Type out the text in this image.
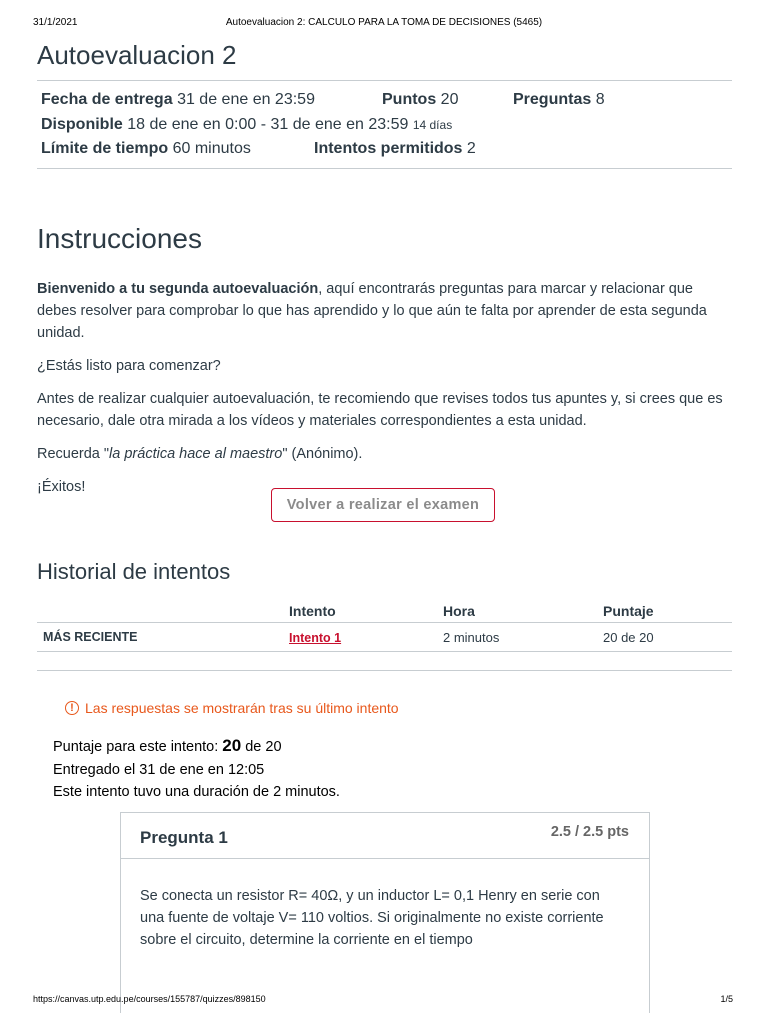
31/1/2021	Autoevaluacion 2: CALCULO PARA LA TOMA DE DECISIONES (5465)
Autoevaluacion 2
Fecha de entrega 31 de ene en 23:59	Puntos 20	Preguntas 8
Disponible 18 de ene en 0:00 - 31 de ene en 23:59 14 días
Límite de tiempo 60 minutos	Intentos permitidos 2
Instrucciones

Bienvenido a tu segunda autoevaluación, aquí encontrarás preguntas para marcar y relacionar que debes resolver para comprobar lo que has aprendido y lo que aún te falta por aprender de esta segunda unidad.

¿Estás listo para comenzar?

Antes de realizar cualquier autoevaluación, te recomiendo que revises todos tus apuntes y, si crees que es necesario, dale otra mirada a los vídeos y materiales correspondientes a esta unidad.

Recuerda "la práctica hace al maestro" (Anónimo).

¡Éxitos!

Volver a realizar el examen
Historial de intentos
	Intento	Hora	Puntaje
MÁS RECIENTE	Intento 1	2 minutos	20 de 20
! Las respuestas se mostrarán tras su último intento
Puntaje para este intento: 20 de 20
Entregado el 31 de ene en 12:05
Este intento tuvo una duración de 2 minutos.
Pregunta 1	2.5 / 2.5 pts
Se conecta un resistor R= 40Ω, y un inductor L= 0,1 Henry en serie con una fuente de voltaje V= 110 voltios. Si originalmente no existe corriente sobre el circuito, determine la corriente en el tiempo
https://canvas.utp.edu.pe/courses/155787/quizzes/898150	1/5
